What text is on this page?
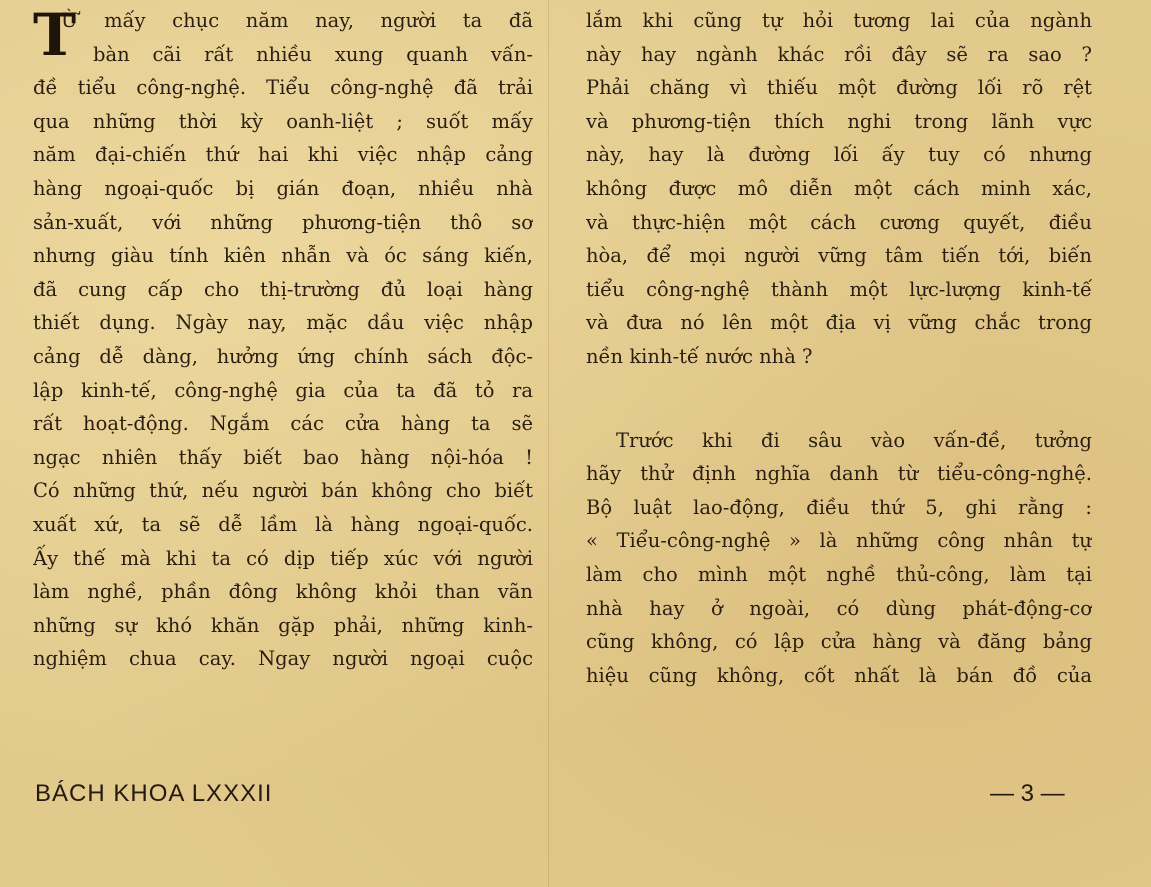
T
Ừ mấy chục năm nay, người ta đã
bàn cãi rất nhiều xung quanh vấn-
đề tiểu công-nghệ. Tiểu công-nghệ đã trải
qua những thời kỳ oanh-liệt ; suốt mấy
năm đại-chiến thứ hai khi việc nhập cảng
hàng ngoại-quốc bị gián đoạn, nhiều nhà
sản-xuất, với những phương-tiện thô sơ
nhưng giàu tính kiên nhẫn và óc sáng kiến,
đã cung cấp cho thị-trường đủ loại hàng
thiết dụng. Ngày nay, mặc dầu việc nhập
cảng dễ dàng, hưởng ứng chính sách độc-
lập kinh-tế, công-nghệ gia của ta đã tỏ ra
rất hoạt-động. Ngắm các cửa hàng ta sẽ
ngạc nhiên thấy biết bao hàng nội-hóa !
Có những thứ, nếu người bán không cho biết
xuất xứ, ta sẽ dễ lầm là hàng ngoại-quốc.
Ấy thế mà khi ta có dịp tiếp xúc với người
làm nghề, phần đông không khỏi than vãn
những sự khó khăn gặp phải, những kinh-
nghiệm chua cay. Ngay người ngoại cuộc
lắm khi cũng tự hỏi tương lai của ngành
này hay ngành khác rồi đây sẽ ra sao ?
Phải chăng vì thiếu một đường lối rõ rệt
và phương-tiện thích nghi trong lãnh vực
này, hay là đường lối ấy tuy có nhưng
không được mô diễn một cách minh xác,
và thực-hiện một cách cương quyết, điều
hòa, để mọi người vững tâm tiến tới, biến
tiểu công-nghệ thành một lực-lượng kinh-tế
và đưa nó lên một địa vị vững chắc trong
nền kinh-tế nước nhà ?
Trước khi đi sâu vào vấn-đề, tưởng
hãy thử định nghĩa danh từ tiểu-công-nghệ.
Bộ luật lao-động, điều thứ 5, ghi rằng :
« Tiểu-công-nghệ » là những công nhân tự
làm cho mình một nghề thủ-công, làm tại
nhà hay ở ngoài, có dùng phát-động-cơ
cũng không, có lập cửa hàng và đăng bảng
hiệu cũng không, cốt nhất là bán đồ của
BÁCH KHOA LXXXII	— 3 —
